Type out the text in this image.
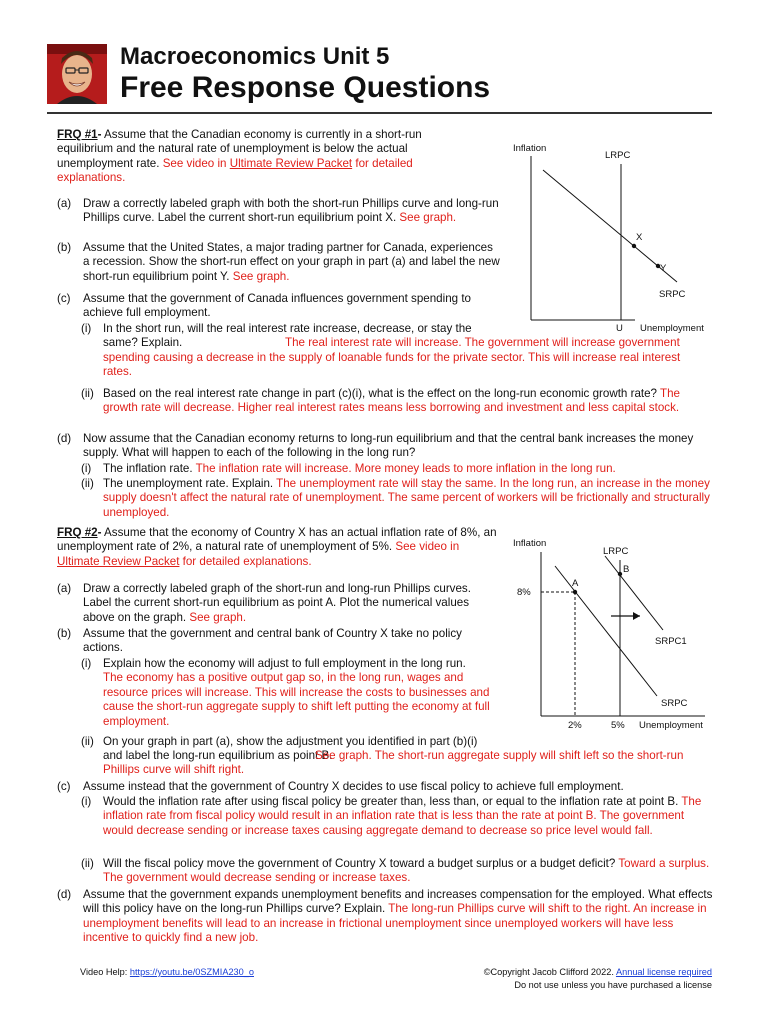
Macroeconomics Unit 5
Free Response Questions
FRQ #1- Assume that the Canadian economy is currently in a short-run equilibrium and the natural rate of unemployment is below the actual unemployment rate. See video in Ultimate Review Packet for detailed explanations.
(a)	Draw a correctly labeled graph with both the short-run Phillips curve and long-run Phillips curve. Label the current short-run equilibrium point X. See graph.
(b)	Assume that the United States, a major trading partner for Canada, experiences a recession. Show the short-run effect on your graph in part (a) and label the new short-run equilibrium point Y. See graph.
(c)	Assume that the government of Canada influences government spending to achieve full employment.
(i)	In the short run, will the real interest rate increase, decrease, or stay the same? Explain.	The real interest rate will increase. The government will increase government spending causing a decrease in the supply of loanable funds for the private sector. This will increase real interest rates.
(ii) Based on the real interest rate change in part (c)(i), what is the effect on the long-run economic growth rate? The growth rate will decrease. Higher real interest rates means less borrowing and investment and less capital stock.
(d)	Now assume that the Canadian economy returns to long-run equilibrium and that the central bank increases the money supply. What will happen to each of the following in the long run?
(i)	The inflation rate. The inflation rate will increase. More money leads to more inflation in the long run.
(ii) The unemployment rate. Explain. The unemployment rate will stay the same. In the long run, an increase in the money supply doesn't affect the natural rate of unemployment. The same percent of workers will be frictionally and structurally unemployed.
Inflation
LRPC
X
Y
SRPC
U Unemployment
FRQ #2- Assume that the economy of Country X has an actual inflation rate of 8%, an unemployment rate of 2%, a natural rate of unemployment of 5%. See video in Ultimate Review Packet for detailed explanations.
(a)	Draw a correctly labeled graph of the short-run and long-run Phillips curves. Label the current short-run equilibrium as point A. Plot the numerical values above on the graph. See graph.
(b)	Assume that the government and central bank of Country X take no policy actions.
(i)	Explain how the economy will adjust to full employment in the long run.
The economy has a positive output gap so, in the long run, wages and resource prices will increase. This will increase the costs to businesses and cause the short-run aggregate supply to shift left putting the economy at full employment.
(ii) On your graph in part (a), show the adjustment you identified in part (b)(i) and label the long-run equilibrium as point B.
See graph. The short-run aggregate supply will shift left so the short-run Phillips curve will shift right.
(c)	Assume instead that the government of Country X decides to use fiscal policy to achieve full employment.
(i)	Would the inflation rate after using fiscal policy be greater than, less than, or equal to the inflation rate at point B. The inflation rate from fiscal policy would result in an inflation rate that is less than the rate at point B. The government would decrease sending or increase taxes causing aggregate demand to decrease so price level would fall.
(ii) Will the fiscal policy move the government of Country X toward a budget surplus or a budget deficit? Toward a surplus. The government would decrease sending or increase taxes.
(d)	Assume that the government expands unemployment benefits and increases compensation for the employed. What effects will this policy have on the long-run Phillips curve? Explain. The long-run Phillips curve will shift to the right. An increase in unemployment benefits will lead to an increase in frictional unemployment since unemployed workers will have less incentive to quickly find a new job.
Inflation
LRPC
B
A
8%
SRPC1
SRPC
2%	5% Unemployment
Video Help: https://youtu.be/0SZMIA230_o	©Copyright Jacob Clifford 2022. Annual license required
Do not use unless you have purchased a license
